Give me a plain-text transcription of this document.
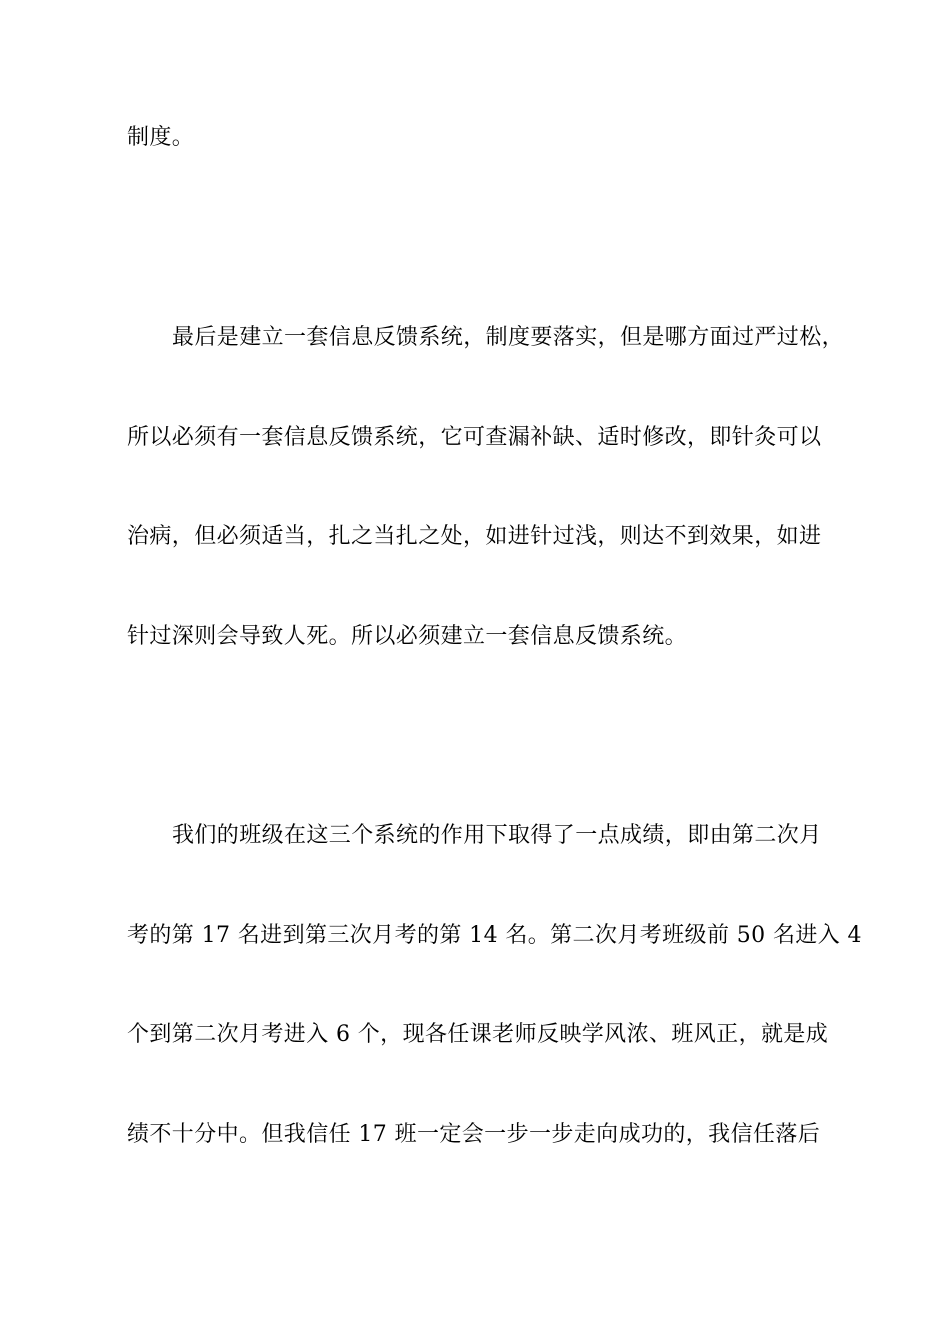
制度。
最后是建立一套信息反馈系统，制度要落实，但是哪方面过严过松，
所以必须有一套信息反馈系统，它可查漏补缺、适时修改，即针灸可以
治病，但必须适当，扎之当扎之处，如进针过浅，则达不到效果，如进
针过深则会导致人死。所以必须建立一套信息反馈系统。
我们的班级在这三个系统的作用下取得了一点成绩，即由第二次月
考的第 17 名进到第三次月考的第 14 名。第二次月考班级前 50 名进入 4
个到第二次月考进入 6 个，现各任课老师反映学风浓、班风正，就是成
绩不十分中。但我信任 17 班一定会一步一步走向成功的，我信任落后
